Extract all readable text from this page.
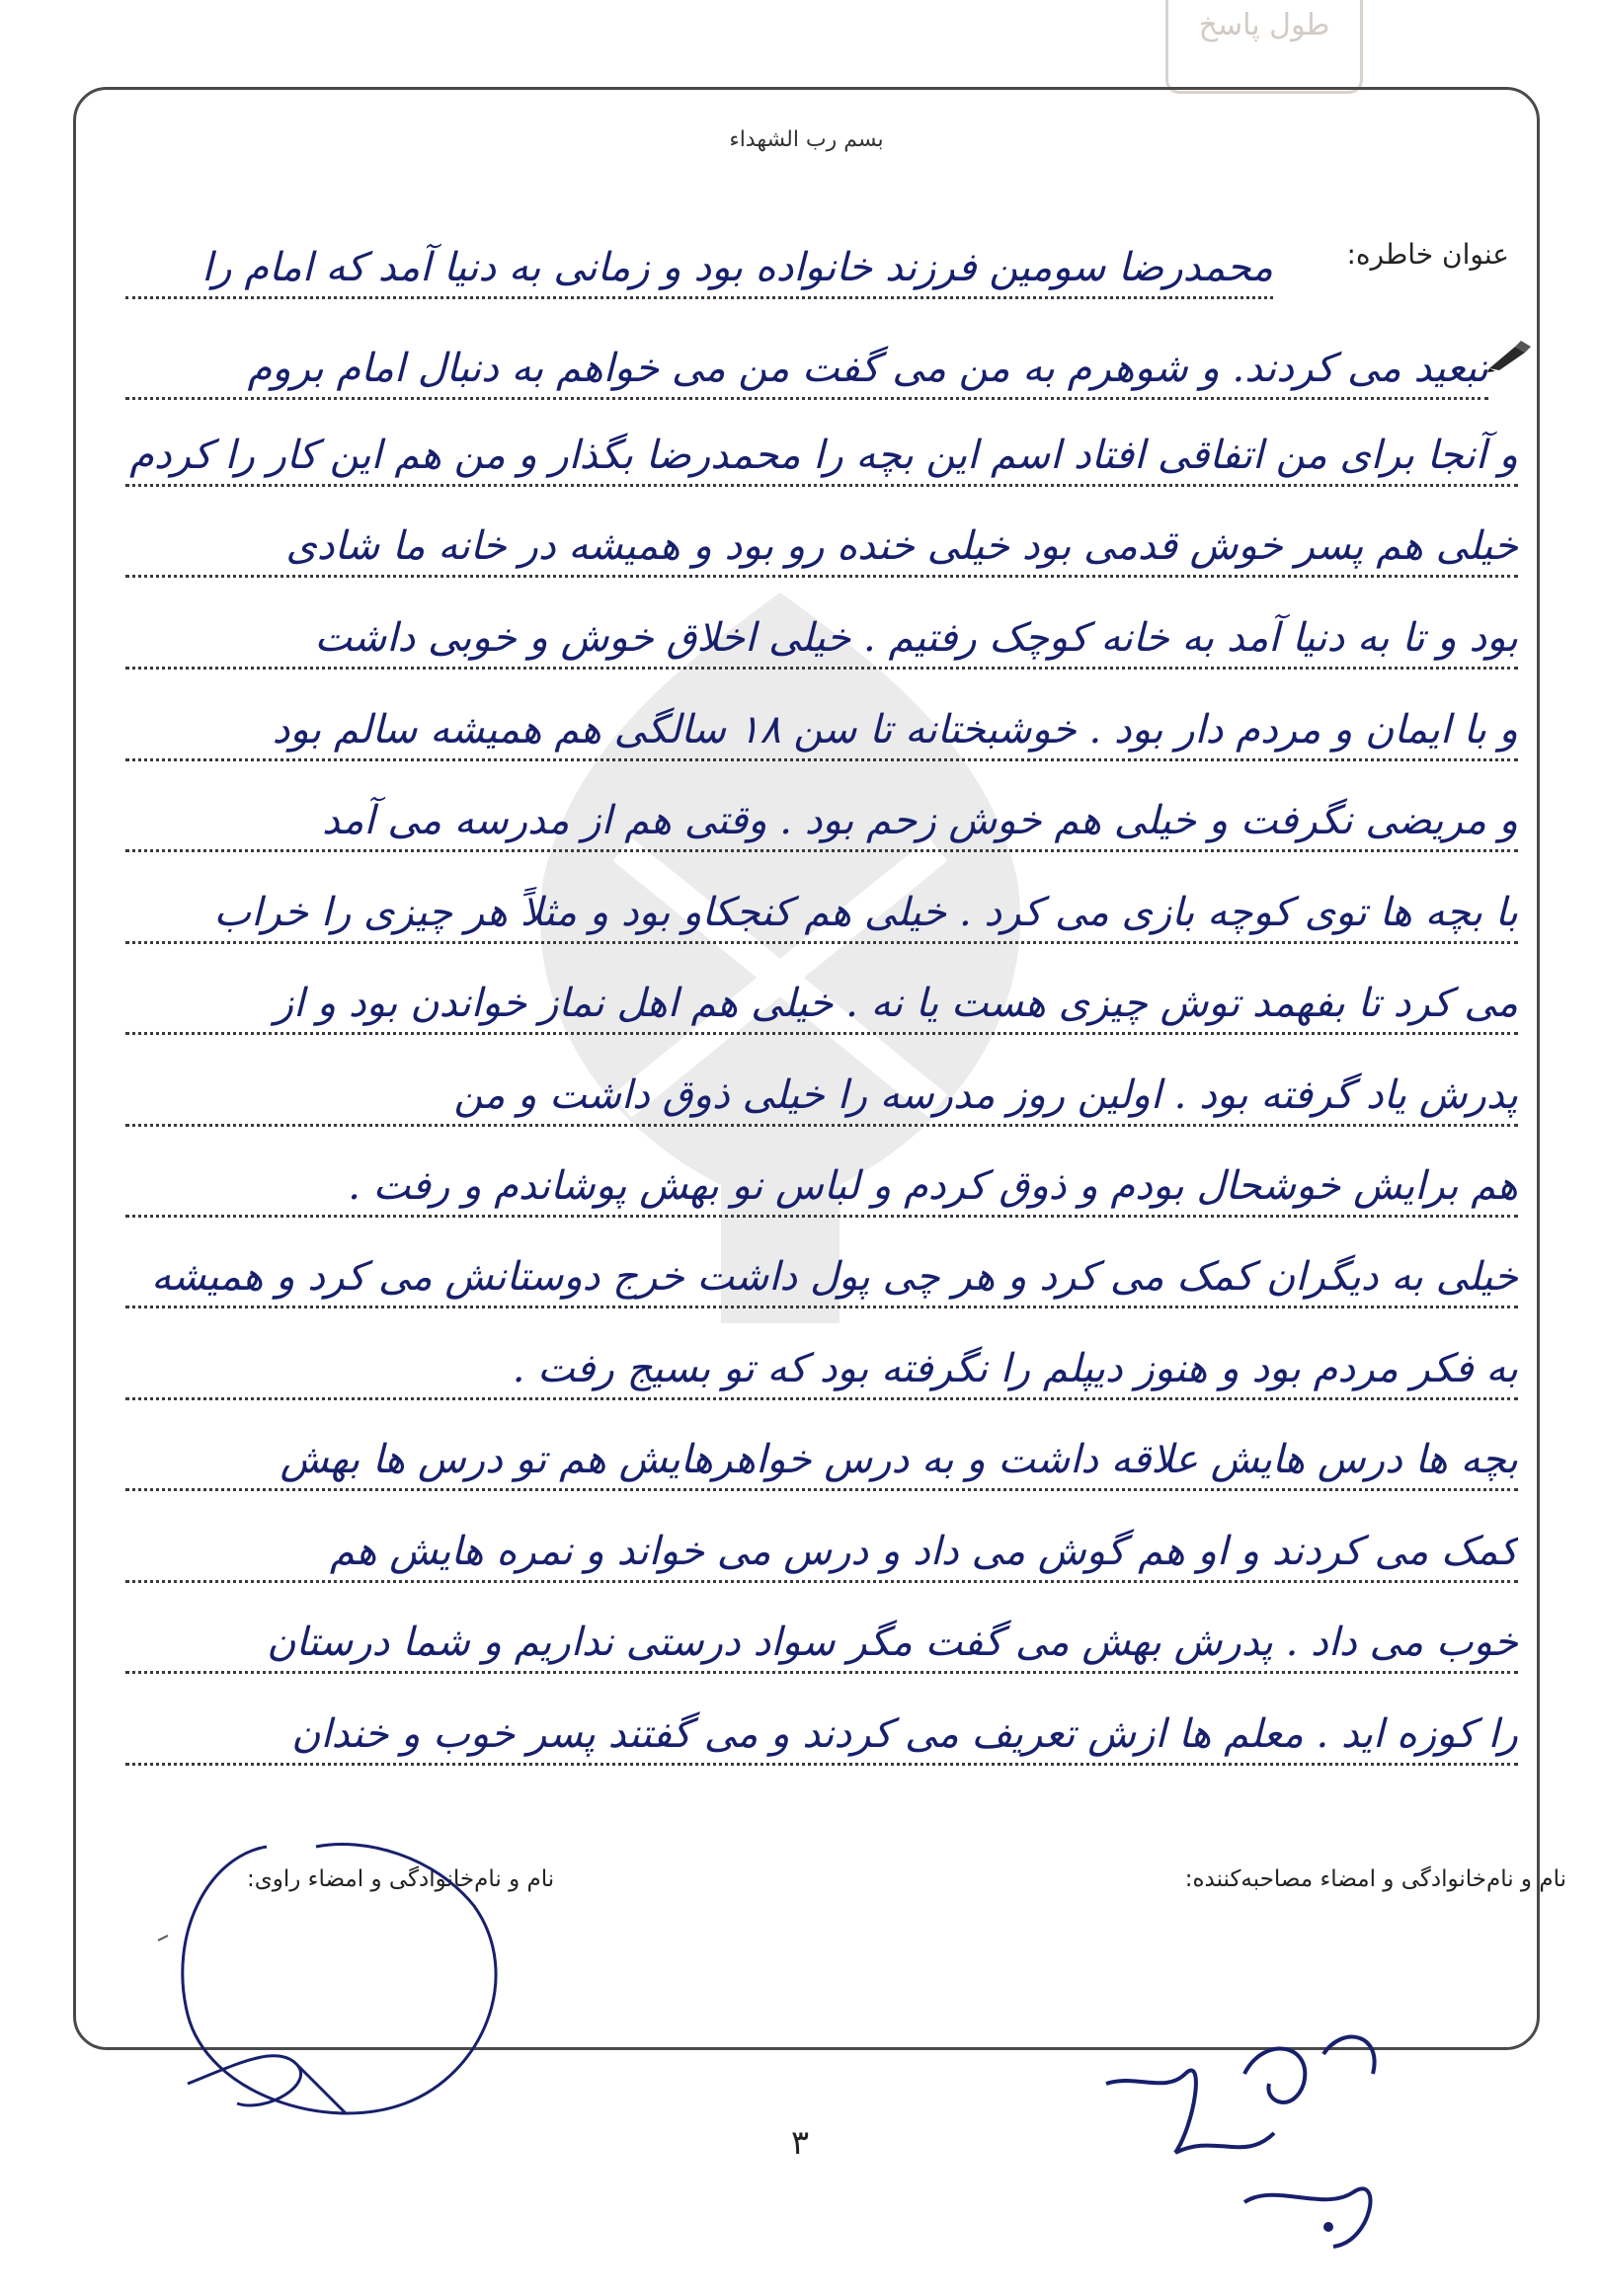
طول پاسخ
بسم رب الشهداء
عنوان خاطره:
محمدرضا سومین فرزند خانواده بود و زمانی به دنیا آمد که امام را
تبعید می کردند. و شوهرم به من می گفت من می خواهم به دنبال امام بروم
و آنجا برای من اتفاقی افتاد اسم این بچه را محمدرضا بگذار و من هم این کار را کردم
خیلی هم پسر خوش قدمی بود خیلی خنده رو بود و همیشه در خانه ما شادی
بود و تا به دنیا آمد به خانه کوچک رفتیم . خیلی اخلاق خوش و خوبی داشت
و با ایمان و مردم دار بود . خوشبختانه تا سن ۱۸ سالگی هم همیشه سالم بود
و مریضی نگرفت و خیلی هم خوش زحم بود . وقتی هم از مدرسه می آمد
با بچه ها توی کوچه بازی می کرد . خیلی هم کنجکاو بود و مثلاً هر چیزی را خراب
می کرد تا بفهمد توش چیزی هست یا نه . خیلی هم اهل نماز خواندن بود و از
پدرش یاد گرفته بود . اولین روز مدرسه را خیلی ذوق داشت و من
هم برایش خوشحال بودم و ذوق کردم و لباس نو بهش پوشاندم و رفت .
خیلی به دیگران کمک می کرد و هر چی پول داشت خرج دوستانش می کرد و همیشه
به فکر مردم بود و هنوز دیپلم را نگرفته بود که تو بسیج رفت .
بچه ها درس هایش علاقه داشت و به درس خواهرهایش هم تو درس ها بهش
کمک می کردند و او هم گوش می داد و درس می خواند و نمره هایش هم
خوب می داد . پدرش بهش می گفت مگر سواد درستی نداریم و شما درستان
را کوزه اید . معلم ها ازش تعریف می کردند و می گفتند پسر خوب و خندان
نام و نام‌خانوادگی و امضاء مصاحبه‌کننده:
نام و نام‌خانوادگی و امضاء راوی:
۳
